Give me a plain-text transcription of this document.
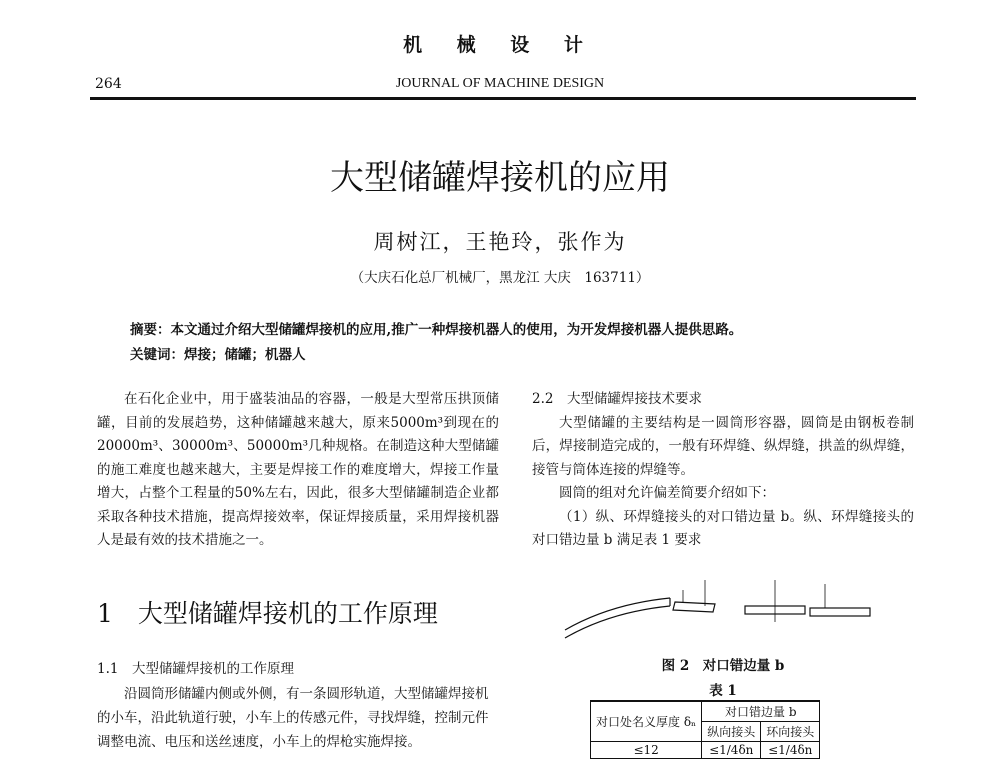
机 械 设 计
264	JOURNAL OF MACHINE DESIGN
大型储罐焊接机的应用
周树江，王艳玲，张作为
（大庆石化总厂机械厂，黑龙江 大庆　163711）
摘要：本文通过介绍大型储罐焊接机的应用,推广一种焊接机器人的使用，为开发焊接机器人提供思路。
关键词：焊接；储罐；机器人

在石化企业中，用于盛装油品的容器，一般是大型常压拱顶储罐，目前的发展趋势，这种储罐越来越大，原来5000m³到现在的20000m³、30000m³、50000m³几种规格。在制造这种大型储罐的施工难度也越来越大，主要是焊接工作的难度增大，焊接工作量增大，占整个工程量的50%左右，因此，很多大型储罐制造企业都采取各种技术措施，提高焊接效率，保证焊接质量，采用焊接机器人是最有效的技术措施之一。

1　大型储罐焊接机的工作原理
1.1　大型储罐焊接机的工作原理

沿圆筒形储罐内侧或外侧，有一条圆形轨道，大型储罐焊接机的小车，沿此轨道行驶，小车上的传感元件，寻找焊缝，控制元件调整电流、电压和送丝速度，小车上的焊枪实施焊接。

2.2　大型储罐焊接技术要求

大型储罐的主要结构是一圆筒形容器，圆筒是由钢板卷制后，焊接制造完成的，一般有环焊缝、纵焊缝，拱盖的纵焊缝，接管与筒体连接的焊缝等。

圆筒的组对允许偏差简要介绍如下：

（1）纵、环焊缝接头的对口错边量 b。纵、环焊缝接头的对口错边量 b 满足表 1 要求

图 2　对口错边量 b
表 1
对口处名义厚度 δₙ	对口错边量 b	
	纵向接头	环向接头
≤12	≤1/4δn	≤1/4δn
